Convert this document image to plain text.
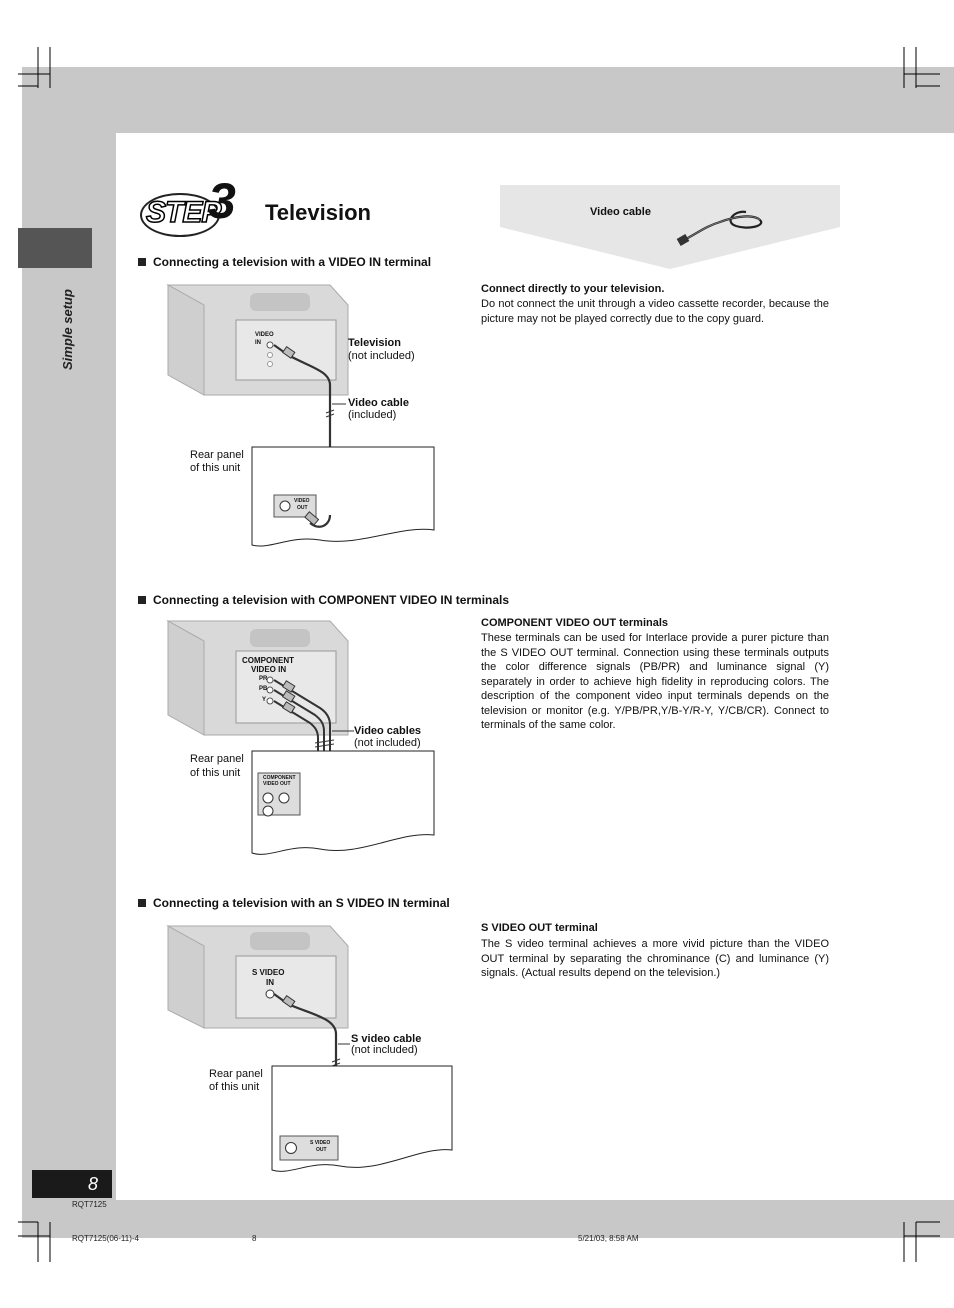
Simple setup
8
RQT7125
RQT7125(06-11)-4	8	5/21/03, 8:58 AM
STEP
3 Television	Video cable
Connect directly to your television.
Do not connect the unit through a video cassette recorder, because the picture may not be played correctly due to the copy guard.
Connecting a television with a VIDEO IN terminal
VIDEO
IN
VIDEO
OUT
Television
(not included)
Video cable
(included)
Rear panel
of this unit
Connecting a television with COMPONENT VIDEO IN terminals
COMPONENT
VIDEO IN
PR
PB
Y
COMPONENT
VIDEO OUT
Video cables
(not included)
Rear panel
of this unit
COMPONENT VIDEO OUT terminals
These terminals can be used for Interlace provide a purer picture than the S VIDEO OUT terminal. Connection using these terminals outputs the color difference signals (PB/PR) and luminance signal (Y) separately in order to achieve high fidelity in reproducing colors. The description of the component video input terminals depends on the television or monitor (e.g. Y/PB/PR,Y/B-Y/R-Y, Y/CB/CR). Connect to terminals of the same color.
Connecting a television with an S VIDEO IN terminal
S VIDEO
IN
S VIDEO
OUT
S video cable
(not included)
Rear panel
of this unit
S VIDEO OUT terminal
The S video terminal achieves a more vivid picture than the VIDEO OUT terminal by separating the chrominance (C) and luminance (Y) signals. (Actual results depend on the television.)
